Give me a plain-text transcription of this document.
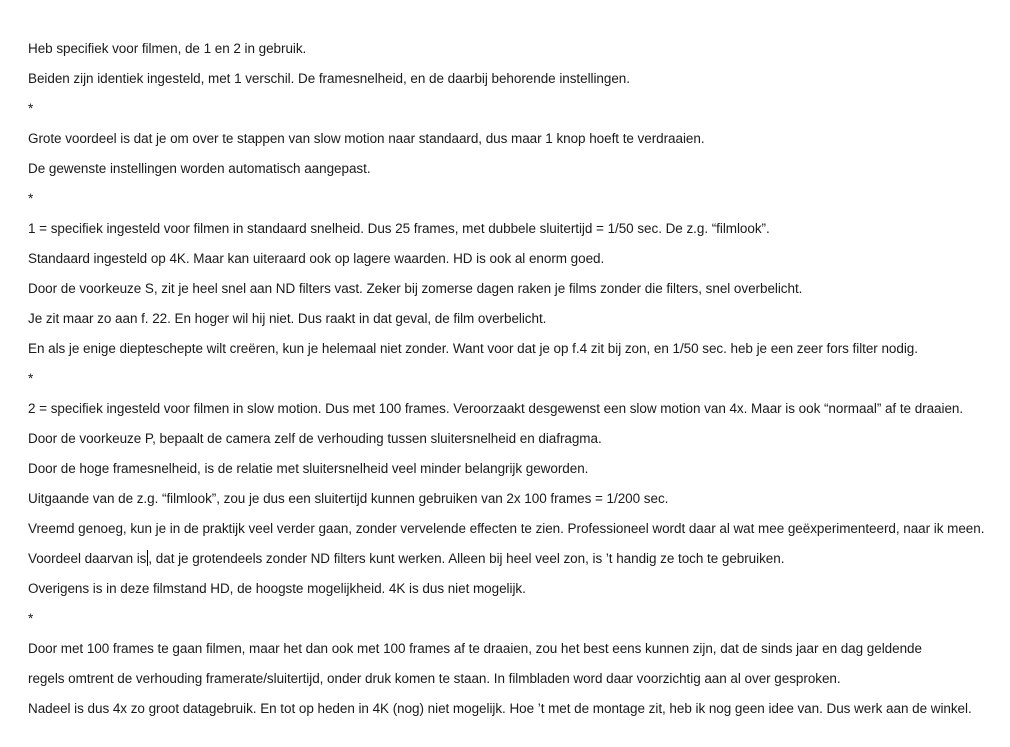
Heb specifiek voor filmen, de 1 en 2 in gebruik.
Beiden zijn identiek ingesteld, met 1 verschil. De framesnelheid, en de daarbij behorende instellingen.
*
Grote voordeel is dat je om over te stappen van slow motion naar standaard, dus maar 1 knop hoeft te verdraaien.
De gewenste instellingen worden automatisch aangepast.
*
1 = specifiek ingesteld voor filmen in standaard snelheid. Dus 25 frames, met dubbele sluitertijd = 1/50 sec. De z.g. “filmlook”.
Standaard ingesteld op 4K. Maar kan uiteraard ook op lagere waarden. HD is ook al enorm goed.
Door de voorkeuze S, zit je heel snel aan ND filters vast. Zeker bij zomerse dagen raken je films zonder die filters, snel overbelicht.
Je zit maar zo aan f. 22. En hoger wil hij niet. Dus raakt in dat geval, de film overbelicht.
En als je enige diepteschepte wilt creëren, kun je helemaal niet zonder. Want voor dat je op f.4 zit bij zon, en 1/50 sec. heb je een zeer fors filter nodig.
*
2 = specifiek ingesteld voor filmen in slow motion. Dus met 100 frames. Veroorzaakt desgewenst een slow motion van 4x. Maar is ook “normaal” af te draaien.
Door de voorkeuze P, bepaalt de camera zelf de verhouding tussen sluitersnelheid en diafragma.
Door de hoge framesnelheid, is de relatie met sluitersnelheid veel minder belangrijk geworden.
Uitgaande van de z.g. “filmlook”, zou je dus een sluitertijd kunnen gebruiken van 2x 100 frames = 1/200 sec.
Vreemd genoeg, kun je in de praktijk veel verder gaan, zonder vervelende effecten te zien. Professioneel wordt daar al wat mee geëxperimenteerd, naar ik meen.
Voordeel daarvan is , dat je grotendeels zonder ND filters kunt werken. Alleen bij heel veel zon, is ’t handig ze toch te gebruiken.
Overigens is in deze filmstand HD, de hoogste mogelijkheid. 4K is dus niet mogelijk.
*
Door met 100 frames te gaan filmen, maar het dan ook met 100 frames af te draaien, zou het best eens kunnen zijn, dat de sinds jaar en dag geldende
regels omtrent de verhouding framerate/sluitertijd, onder druk komen te staan. In filmbladen word daar voorzichtig aan al over gesproken.
Nadeel is dus 4x zo groot datagebruik. En tot op heden in 4K (nog) niet mogelijk. Hoe ’t met de montage zit, heb ik nog geen idee van. Dus werk aan de winkel.
